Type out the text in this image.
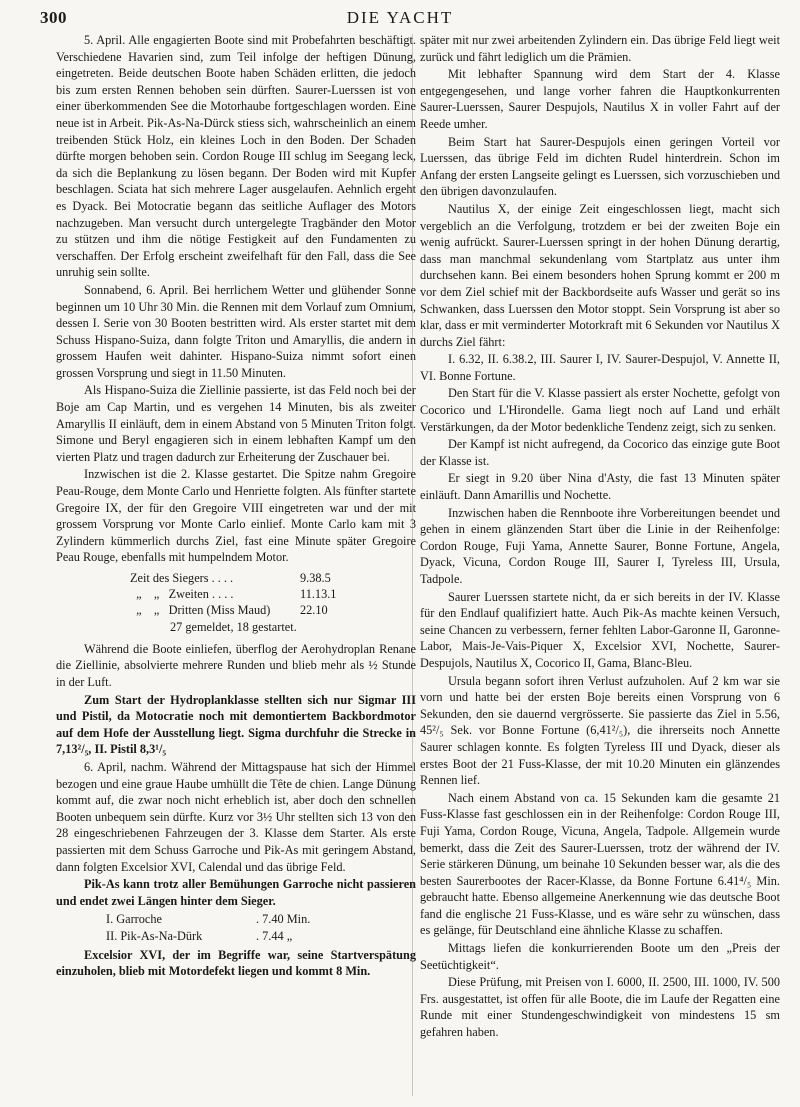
300	DIE YACHT

5. April. Alle engagierten Boote sind mit Probefahrten beschäftigt. Verschiedene Havarien sind, zum Teil infolge der heftigen Dünung, eingetreten. Beide deutschen Boote haben Schäden erlitten, die jedoch bis zum ersten Rennen behoben sein dürften. Saurer-Luerssen ist von einer überkommenden See die Motorhaube fortgeschlagen worden. Eine neue ist in Arbeit. Pik-As-Na-Dürck stiess sich, wahrscheinlich an einem treibenden Stück Holz, ein kleines Loch in den Boden. Der Schaden dürfte morgen behoben sein. Cordon Rouge III schlug im Seegang leck, da sich die Beplankung zu lösen begann. Der Boden wird mit Kupfer beschlagen. Sciata hat sich mehrere Lager ausgelaufen. Aehnlich ergeht es Dyack. Bei Motocratie begann das seitliche Auflager des Motors nachzugeben. Man versucht durch untergelegte Tragbänder den Motor zu stützen und ihm die nötige Festigkeit auf den Fundamenten zu verschaffen. Der Erfolg erscheint zweifelhaft für den Fall, dass die See unruhig sein sollte.

Sonnabend, 6. April. Bei herrlichem Wetter und glühender Sonne beginnen um 10 Uhr 30 Min. die Rennen mit dem Vorlauf zum Omnium, dessen I. Serie von 30 Booten bestritten wird. Als erster startet mit dem Schuss Hispano-Suiza, dann folgte Triton und Amaryllis, die andern in grossem Haufen weit dahinter. Hispano-Suiza nimmt sofort einen grossen Vorsprung und siegt in 11.50 Minuten.

Als Hispano-Suiza die Ziellinie passierte, ist das Feld noch bei der Boje am Cap Martin, und es vergehen 14 Minuten, bis als zweiter Amaryllis II einläuft, dem in einem Abstand von 5 Minuten Triton folgt. Simone und Beryl engagieren sich in einem lebhaften Kampf um den vierten Platz und tragen dadurch zur Erheiterung der Zuschauer bei.

Inzwischen ist die 2. Klasse gestartet. Die Spitze nahm Gregoire Peau-Rouge, dem Monte Carlo und Henriette folgten. Als fünfter startete Gregoire IX, der für den Gregoire VIII eingetreten war und der mit grossem Vorsprung vor Monte Carlo einlief. Monte Carlo kam mit 3 Zylindern kümmerlich durchs Ziel, fast eine Minute später Gregoire Peau Rouge, ebenfalls mit humpelndem Motor.

Zeit des Siegers . . . .	9.38.5
„    „   Zweiten . . . .	11.13.1
„    „   Dritten (Miss Maud)	22.10
27 gemeldet, 18 gestartet.

Während die Boote einliefen, überflog der Aerohydroplan Renane die Ziellinie, absolvierte mehrere Runden und blieb mehr als ½ Stunde in der Luft.

Zum Start der Hydroplanklasse stellten sich nur Sigmar III und Pistil, da Motocratie noch mit demontiertem Backbordmotor auf dem Hofe der Ausstellung liegt. Sigma durchfuhr die Strecke in 7,13²/₅, II. Pistil 8,3¹/₅

6. April, nachm. Während der Mittagspause hat sich der Himmel bezogen und eine graue Haube umhüllt die Tête de chien. Lange Dünung kommt auf, die zwar noch nicht erheblich ist, aber doch den schnellen Booten unbequem sein dürfte. Kurz vor 3½ Uhr stellten sich 13 von den 28 eingeschriebenen Fahrzeugen der 3. Klasse dem Starter. Als erste passierten mit dem Schuss Garroche und Pik-As mit geringem Abstand, dann folgten Excelsior XVI, Calendal und das übrige Feld.

Pik-As kann trotz aller Bemühungen Garroche nicht passieren und endet zwei Längen hinter dem Sieger.

I. Garroche	. 7.40 Min.
II. Pik-As-Na-Dürk	. 7.44 „

Excelsior XVI, der im Begriffe war, seine Startverspätung einzuholen, blieb mit Motordefekt liegen und kommt 8 Min.

später mit nur zwei arbeitenden Zylindern ein. Das übrige Feld liegt weit zurück und fährt lediglich um die Prämien.

Mit lebhafter Spannung wird dem Start der 4. Klasse entgegengesehen, und lange vorher fahren die Hauptkonkurrenten Saurer-Luerssen, Saurer Despujols, Nautilus X in voller Fahrt auf der Reede umher.

Beim Start hat Saurer-Despujols einen geringen Vorteil vor Luerssen, das übrige Feld im dichten Rudel hinterdrein. Schon im Anfang der ersten Langseite gelingt es Luerssen, sich vorzuschieben und den übrigen davonzulaufen.

Nautilus X, der einige Zeit eingeschlossen liegt, macht sich vergeblich an die Verfolgung, trotzdem er bei der zweiten Boje ein wenig aufrückt. Saurer-Luerssen springt in der hohen Dünung derartig, dass man manchmal sekundenlang vom Startplatz aus unter ihm durchsehen kann. Bei einem besonders hohen Sprung kommt er 200 m vor dem Ziel schief mit der Backbordseite aufs Wasser und gerät so ins Schwanken, dass Luerssen den Motor stoppt. Sein Vorsprung ist aber so klar, dass er mit verminderter Motorkraft mit 6 Sekunden vor Nautilus X durchs Ziel fährt:

I. 6.32, II. 6.38.2, III. Saurer I, IV. Saurer-Despujol, V. Annette II, VI. Bonne Fortune.

Den Start für die V. Klasse passiert als erster Nochette, gefolgt von Cocorico und L'Hirondelle. Gama liegt noch auf Land und erhält Verstärkungen, da der Motor bedenkliche Tendenz zeigt, sich zu senken.

Der Kampf ist nicht aufregend, da Cocorico das einzige gute Boot der Klasse ist.

Er siegt in 9.20 über Nina d'Asty, die fast 13 Minuten später einläuft. Dann Amarillis und Nochette.

Inzwischen haben die Rennboote ihre Vorbereitungen beendet und gehen in einem glänzenden Start über die Linie in der Reihenfolge: Cordon Rouge, Fuji Yama, Annette Saurer, Bonne Fortune, Angela, Dyack, Vicuna, Cordon Rouge III, Saurer I, Tyreless III, Ursula, Tadpole.

Saurer Luerssen startete nicht, da er sich bereits in der IV. Klasse für den Endlauf qualifiziert hatte. Auch Pik-As machte keinen Versuch, seine Chancen zu verbessern, ferner fehlten Labor-Garonne II, Garonne-Labor, Mais-Je-Vais-Piquer X, Excelsior XVI, Nochette, Saurer-Despujols, Nautilus X, Cocorico II, Gama, Blanc-Bleu.

Ursula begann sofort ihren Verlust aufzuholen. Auf 2 km war sie vorn und hatte bei der ersten Boje bereits einen Vorsprung von 6 Sekunden, den sie dauernd vergrösserte. Sie passierte das Ziel in 5.56, 45²/₅ Sek. vor Bonne Fortune (6,41²/₅), die ihrerseits noch Annette Saurer schlagen konnte. Es folgten Tyreless III und Dyack, dieser als erstes Boot der 21 Fuss-Klasse, der mit 10.20 Minuten ein glänzendes Rennen lief.

Nach einem Abstand von ca. 15 Sekunden kam die gesamte 21 Fuss-Klasse fast geschlossen ein in der Reihenfolge: Cordon Rouge III, Fuji Yama, Cordon Rouge, Vicuna, Angela, Tadpole. Allgemein wurde bemerkt, dass die Zeit des Saurer-Luerssen, trotz der während der IV. Serie stärkeren Dünung, um beinahe 10 Sekunden besser war, als die des besten Saurerbootes der Racer-Klasse, da Bonne Fortune 6.41⁴/₅ Min. gebraucht hatte. Ebenso allgemeine Anerkennung wie das deutsche Boot fand die englische 21 Fuss-Klasse, und es wäre sehr zu wünschen, dass es gelänge, für Deutschland eine ähnliche Klasse zu schaffen.

Mittags liefen die konkurrierenden Boote um den „Preis der Seetüchtigkeit“.

Diese Prüfung, mit Preisen von I. 6000, II. 2500, III. 1000, IV. 500 Frs. ausgestattet, ist offen für alle Boote, die im Laufe der Regatten eine Runde mit einer Stundengeschwindigkeit von mindestens 15 sm gefahren haben.
